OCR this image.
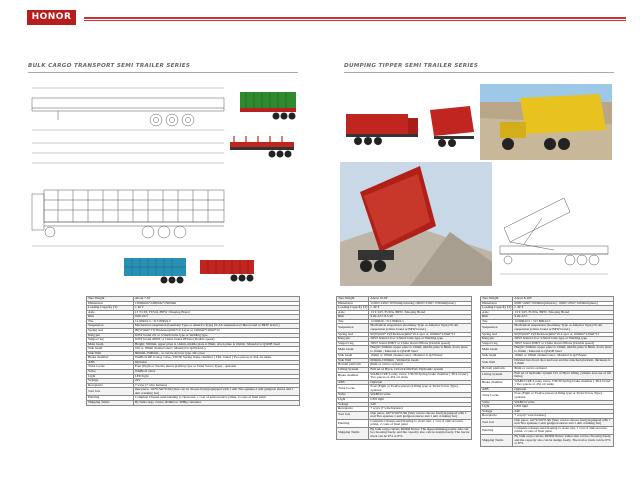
HONOR
BULK CARGO TRANSPORT SEMI TRAILER SERIES	DUMPING TIPPER SEMI TRAILER SERIES
Tare Weight	About 7.6T
Dimension	13000mm*2490mm*2500mm
Loading Capacity (T)	≥ 40 T
Axle	13 T/16T, FUWA /BPW /Shuqing Brand
Rim	9.00-22.5
Tire	12.00R22.5 / 315 80R22.5
Suspension	Mechanical suspension (Germany Type or America Type) Or Air suspension (China brand or BPW brand )
Spring leaf	90(W)mm*13(Thickness)mm*10-Layer or 100mm*12mm*12
King pin	JOST brand 2.0 or 3.5inch bolts type or Welding type
Support leg	JOST brand 2000T or China brand 28Tons (Double speed)
Main beam	Height: 500mm, upper plate is 14mm, middle plate is 8mm, down plate is 16mm ; Material is Q345B Steel
Side beam	16# or 18mm channel steel ; Material is Q235steel ),
Side Wall	600mm-1500mm , or can be do bow type /lid cover
Brake chamber	WABCO RE 6 relay valve; T30/30 Spring brake chamber ( TKL brand ) Two pieces of 45L air tanks
ABS	Optional
Twist Locks	Four (Eight or Twelve pieces (Lifting type or Twist Screw Type) , optional
Valve	WABCO valve
Light	LED light
Voltage	24V
Receptacle	7 ways (7 wire harness)
Tool box	One piece, 1m*0.5m*0.5m (Size can be choose freely)equipped with 1 unit Tire spanner,1 unit gudgeon sleeve and 1 unit cranking bar)
Painting	Complete Chassis sand blasting to clean rust, 1 coat of anticorrosive prime, 2 coats of final paint
Shipping Terms	By bulk cargo carrier, RORO or 40HQ container.
Tare Weight	About 10.6T
Dimension	11000×2490×3070mm(Outside);10000×2300×1700mm(inner)
Loading Capacity (T)	≥ 40 T
Axle	13 T/16T, FUWA /BPW /Shuqing Brand
Rim	9.00-22.5 8.5-20
Tire	12.00R20 / 315 80R22.5
Suspension	Mechanical suspension (Germany Type or America Type) Or Air suspension (China brand or BPW brand )
Spring leaf	90(W)mm*13(Thickness)mm*10-Layer or 100mm*12mm*12
King pin	JOST brand 2.0 or 3.5inch bolts type or Welding type
Support leg	JOST brand 2000T or China brand 28Tons (Double speed)
Main beam	Height: 500mm, upper plate is 14mm, middle plate is 8mm, down plate is 16mm ; Material is Q345B Steel
Side beam	16mm or 18mm channel steel ; Material is Q235steel
Side Wall	600mm-1500mm , Welded in beam
Bottom platform	8mm or can be optional
Lifting System	Full set of Hyva, 191/214/245/FAC Hydraulic system
Brake chamber	WABCO RE 6 relay valve; T30/30 Spring brake chamber ( TKL brand ) Two pieces of 45L air tanks
ABS	Optional
Twist Locks	Four (Eight or Twelve pieces (Lifting type or Twist Screw Type) , optional
Valve	WABCO valve
Light	LED light
Voltage	24V
Receptacle	7 ways (7 wire harness)
Tool box	One piece, 1m*0.5m*0.5m (Size can be choose freely)equipped with 1 unit Tire spanner,1 unit gudgeon sleeve and 1 unit cranking bar)
Painting	Complete Chassis sand blasting to clean rust, 1 coat of anticorrosive prime, 2 coats of final paint
Shipping Terms	By bulk cargo carrier, RORO Notes: The tipper/dumping trailer size can be choosing freely, and the capacity also can be design freely. The tractor truck can be 6*4 or 8*4
Tare Weight	About 8-10T
Dimension	6000×2490×3500mm(Outside) ; 6000×2300×1600mm(inner)
Loading Capacity (T)	≥ 40 T
Axle	13 T/16T, FUWA /BPW /Shuqing Brand
Rim	9.00-22.5
Tire	12.00R22.5 / 315 80R22.5
Suspension	Mechanical suspension (Germany Type or America Type) Or Air suspension (China brand or BPW brand )
Spring leaf	90(W)mm*13(Thickness)mm*10-Layer or 100mm*12mm*12
King pin	JOST brand 2.0 or 3.5inch bolts type or Welding type
Support leg	JOST brand 2000T or China brand 28Tons (Double speed)
Main beam	Height: 500mm, upper plate is 14mm, middle plate is 8mm, down plate is 16mm ; Material is Q345B Steel
Side beam	16mm or 18mm channel steel ; Material is Q235steel
Side Wall	Divided into front door and rear and the attached platform, thickness is 5-6mm
Bottom platform	8mm or can be optional
Lifting System	Full set of hydraulic system 191 of Hyva lifting cylinder and one of lift fitting
Brake chamber	WABCO RE 6 relay valve; T30/30 Spring brake chamber ( TKL brand ) Two pieces of 45L air tanks
ABS	Optional
Twist Locks	Four (Eight or Twelve pieces (Lifting type or Twist Screw Type) , optional
Valve	WABCO valve
Light	LED light
Voltage	24V
Receptacle	7 ways(7 wire harness)
Tool box	One piece, 1m*0.5m*0.5m (Size can be choose freely)equipped with 1 unit Tire spanner,1 unit gudgeon sleeve and 1 unit cranking bar)
Painting	Complete Chassis sand blasting to clean rust, 1 coat of anticorrosive prime, 2 coats of final paint
Shipping Terms	By bulk cargo carrier, RORO Notes: trailer size can be choosing freely, and the capacity also can be design freely. The tractor truck can be 6*4 or 8*4
